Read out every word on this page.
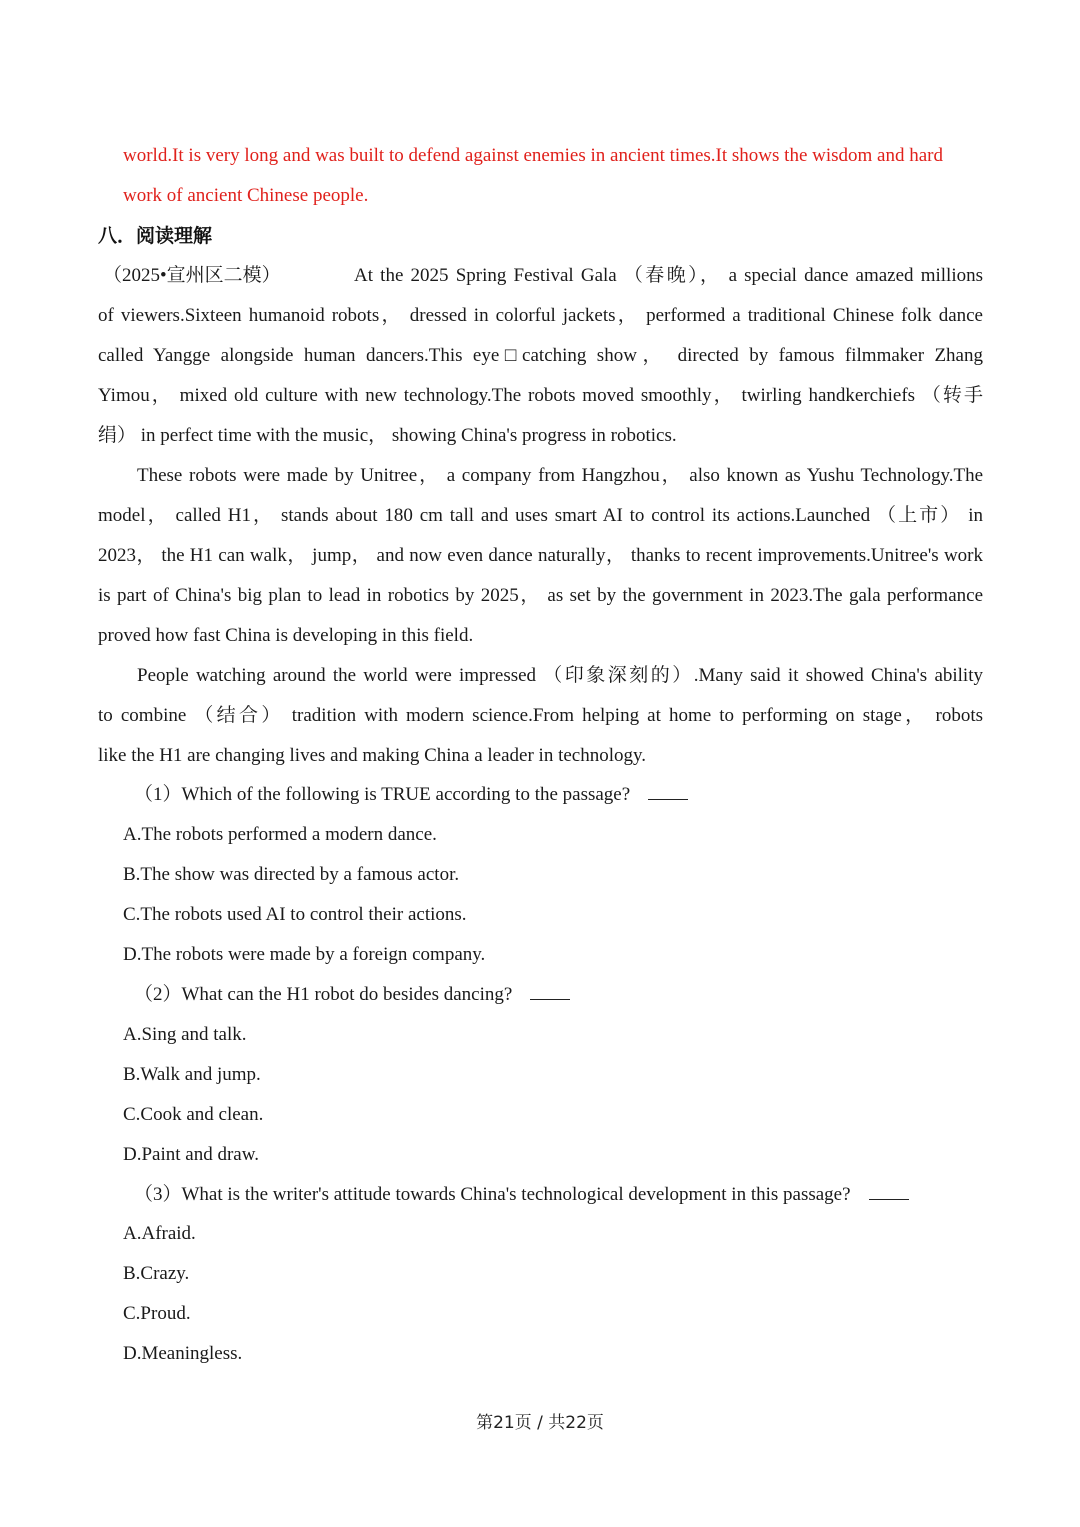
world.It is very long and was built to defend against enemies in ancient times.It shows the wisdom and hard
work of ancient Chinese people.
八．阅读理解
（2025•宣州区二模）	At the 2025 Spring Festival Gala （春晚）， a special dance amazed millions
of viewers.Sixteen humanoid robots， dressed in colorful jackets， performed a traditional Chinese folk dance
called Yangge alongside human dancers.This eye﻿□catching show， directed by famous filmmaker Zhang
Yimou， mixed old culture with new technology.The robots moved smoothly， twirling handkerchiefs （转手
绢） in perfect time with the music， showing China's progress in robotics.
These robots were made by Unitree， a company from Hangzhou， also known as Yushu Technology.The
model， called H1， stands about 180 cm tall and uses smart AI to control its actions.Launched （上市） in
2023， the H1 can walk， jump， and now even dance naturally， thanks to recent improvements.Unitree's work
is part of China's big plan to lead in robotics by 2025， as set by the government in 2023.The gala performance
proved how fast China is developing in this field.
People watching around the world were impressed （印象深刻的）.Many said it showed China's ability
to combine （结合） tradition with modern science.From helping at home to performing on stage， robots
like the H1 are changing lives and making China a leader in technology.
（1）Which of the following is TRUE according to the passage?
A.The robots performed a modern dance.
B.The show was directed by a famous actor.
C.The robots used AI to control their actions.
D.The robots were made by a foreign company.
（2）What can the H1 robot do besides dancing?
A.Sing and talk.
B.Walk and jump.
C.Cook and clean.
D.Paint and draw.
（3）What is the writer's attitude towards China's technological development in this passage?
A.Afraid.
B.Crazy.
C.Proud.
D.Meaningless.
第21页 / 共22页
